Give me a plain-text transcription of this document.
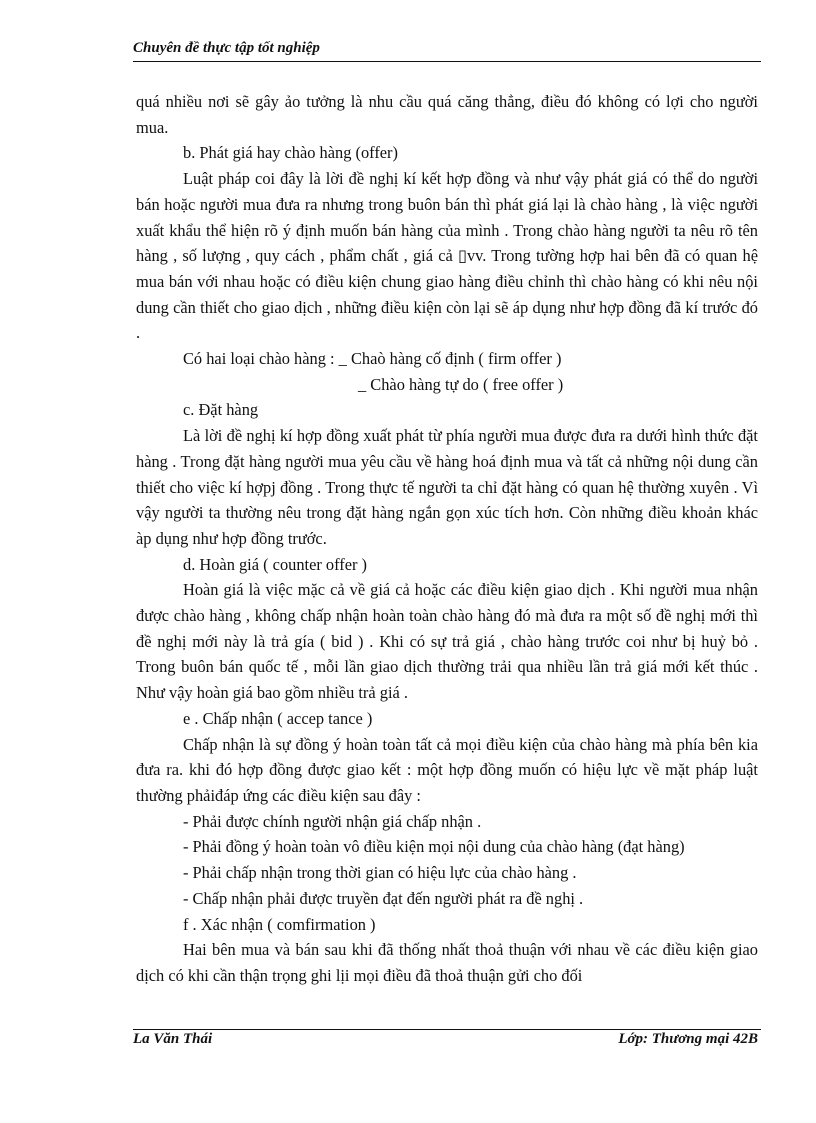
Chuyên đề thực tập tốt nghiệp

quá nhiều nơi sẽ gây ảo tưởng là nhu cầu quá căng thẳng, điều đó không có lợi cho người mua.

b. Phát giá hay chào hàng (offer)

Luật pháp coi đây là lời đề nghị kí kết hợp đồng và như vậy phát giá có thể do người bán hoặc người mua đưa ra nhưng trong buôn bán thì phát giá lại là chào hàng , là việc người xuất khẩu thể hiện rõ ý định muốn bán hàng của mình . Trong chào hàng người ta nêu rõ tên hàng , số lượng , quy cách , phẩm chất , giá cả ▯vv. Trong tường hợp hai bên đã có quan hệ mua bán với nhau hoặc có điều kiện chung giao hàng điều chỉnh thì chào hàng có khi nêu nội dung cần thiết cho giao dịch , những điều kiện còn lại sẽ áp dụng như hợp đồng đã kí trước đó .

Có hai loại chào hàng : _ Chaò hàng cố định ( firm offer )

_ Chào hàng tự do ( free offer )

c. Đặt hàng

Là lời đề nghị kí hợp đồng xuất phát từ phía người mua được đưa ra dưới hình thức đặt hàng . Trong đặt hàng người mua yêu cầu về hàng hoá định mua và tất cả những nội dung cần thiết cho việc kí hợpj đồng . Trong thực tế người ta chỉ đặt hàng có quan hệ thường xuyên . Vì vậy người ta thường nêu trong đặt hàng ngắn gọn xúc tích hơn. Còn những điều khoản khác àp dụng như hợp đồng trước.

d. Hoàn giá ( counter offer )

Hoàn giá là việc mặc cả về giá cả hoặc các điều kiện giao dịch . Khi người mua nhận được chào hàng , không chấp nhận hoàn toàn chào hàng đó mà đưa ra một số đề nghị mới thì đề nghị mới này là trả gía ( bid ) . Khi có sự trả giá , chào hàng trước coi như bị huỷ bỏ . Trong buôn bán quốc tế , mỗi lần giao dịch thường trải qua nhiều lần trả giá mới kết thúc . Như vậy hoàn giá bao gồm nhiều trả giá .

e . Chấp nhận ( accep tance )

Chấp nhận là sự đồng ý hoàn toàn tất cả mọi điều kiện của chào hàng mà phía bên kia đưa ra. khi đó hợp đồng được giao kết : một hợp đồng muốn có hiệu lực về mặt pháp luật thường phảiđáp ứng các điều kiện sau đây :

- Phải được chính người nhận giá chấp nhận .

- Phải đồng ý hoàn toàn vô điều kiện mọi nội dung của chào hàng (đạt hàng)

- Phải chấp nhận trong thời gian có hiệu lực của chào hàng .

- Chấp nhận phải được truyền đạt đến người phát ra đề nghị .

f . Xác nhận ( comfirmation )

Hai bên mua và bán sau khi đã thống nhất thoả thuận với nhau về các điều kiện giao dịch có khi cần thận trọng ghi lịi mọi điều đã thoả thuận gửi cho đối

La Văn Thái	Lớp: Thương mại 42B
